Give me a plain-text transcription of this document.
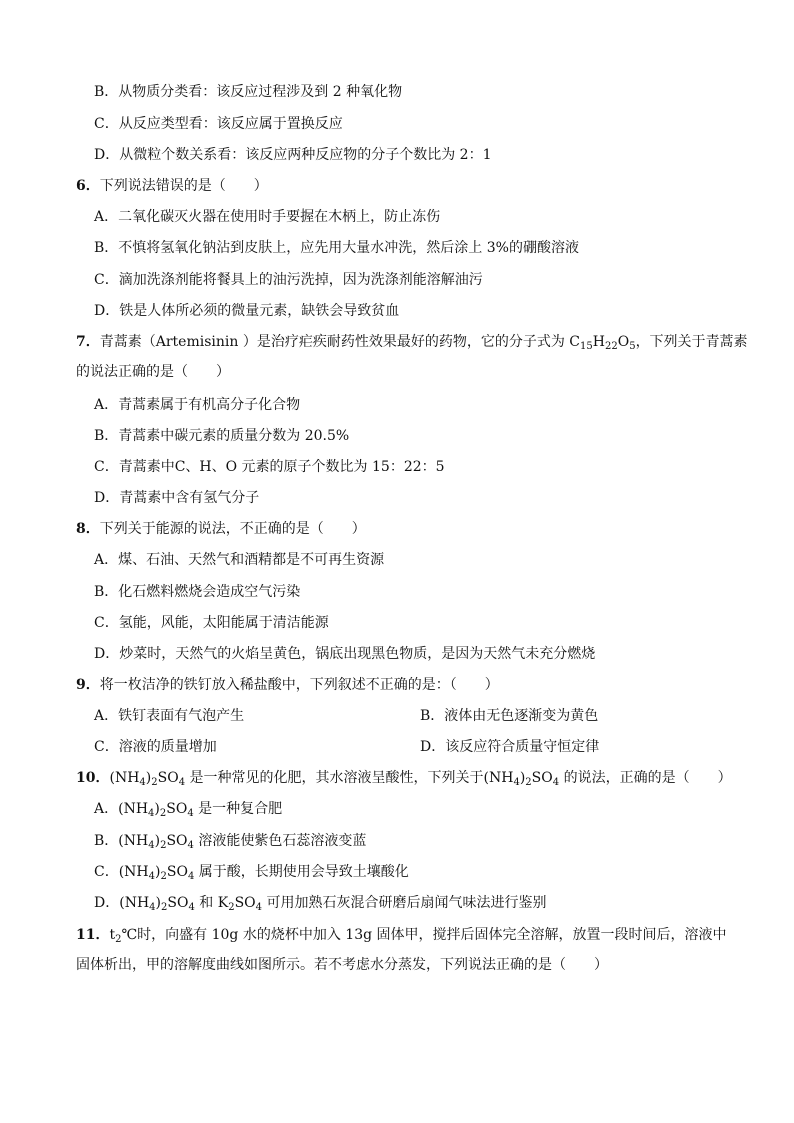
B．从物质分类看：该反应过程涉及到 2 种氧化物
C．从反应类型看：该反应属于置换反应
D．从微粒个数关系看：该反应两种反应物的分子个数比为 2：1
6．下列说法错误的是（　　）
A．二氧化碳灭火器在使用时手要握在木柄上，防止冻伤
B．不慎将氢氧化钠沾到皮肤上，应先用大量水冲洗，然后涂上 3%的硼酸溶液
C．滴加洗涤剂能将餐具上的油污洗掉，因为洗涤剂能溶解油污
D．铁是人体所必须的微量元素，缺铁会导致贫血
7．青蒿素（Artemisinin ）是治疗疟疾耐药性效果最好的药物，它的分子式为 $C_{15}H_{22}O_5$，下列关于青蒿素
的说法正确的是（　　）
A．青蒿素属于有机高分子化合物
B．青蒿素中碳元素的质量分数为 20.5%
C．青蒿素中C、H、O 元素的原子个数比为 15：22：5
D．青蒿素中含有氢气分子
8．下列关于能源的说法，不正确的是（　　）
A．煤、石油、天然气和酒精都是不可再生资源
B．化石燃料燃烧会造成空气污染
C．氢能，风能，太阳能属于清洁能源
D．炒菜时，天然气的火焰呈黄色，锅底出现黑色物质，是因为天然气未充分燃烧
9．将一枚洁净的铁钉放入稀盐酸中，下列叙述不正确的是：（　　）
A．铁钉表面有气泡产生	B．液体由无色逐渐变为黄色
C．溶液的质量增加	D．该反应符合质量守恒定律
10．$(NH_4)_2SO_4$ 是一种常见的化肥，其水溶液呈酸性，下列关于$(NH_4)_2SO_4$ 的说法，正确的是（　　）
A．$(NH_4)_2SO_4$ 是一种复合肥
B．$(NH_4)_2SO_4$ 溶液能使紫色石蕊溶液变蓝
C．$(NH_4)_2SO_4$ 属于酸，长期使用会导致土壤酸化
D．$(NH_4)_2SO_4$ 和 $K_2SO_4$ 可用加熟石灰混合研磨后扇闻气味法进行鉴别
11．$t_2℃$时，向盛有 10g 水的烧杯中加入 13g 固体甲，搅拌后固体完全溶解，放置一段时间后，溶液中
固体析出，甲的溶解度曲线如图所示。若不考虑水分蒸发，下列说法正确的是（　　）
